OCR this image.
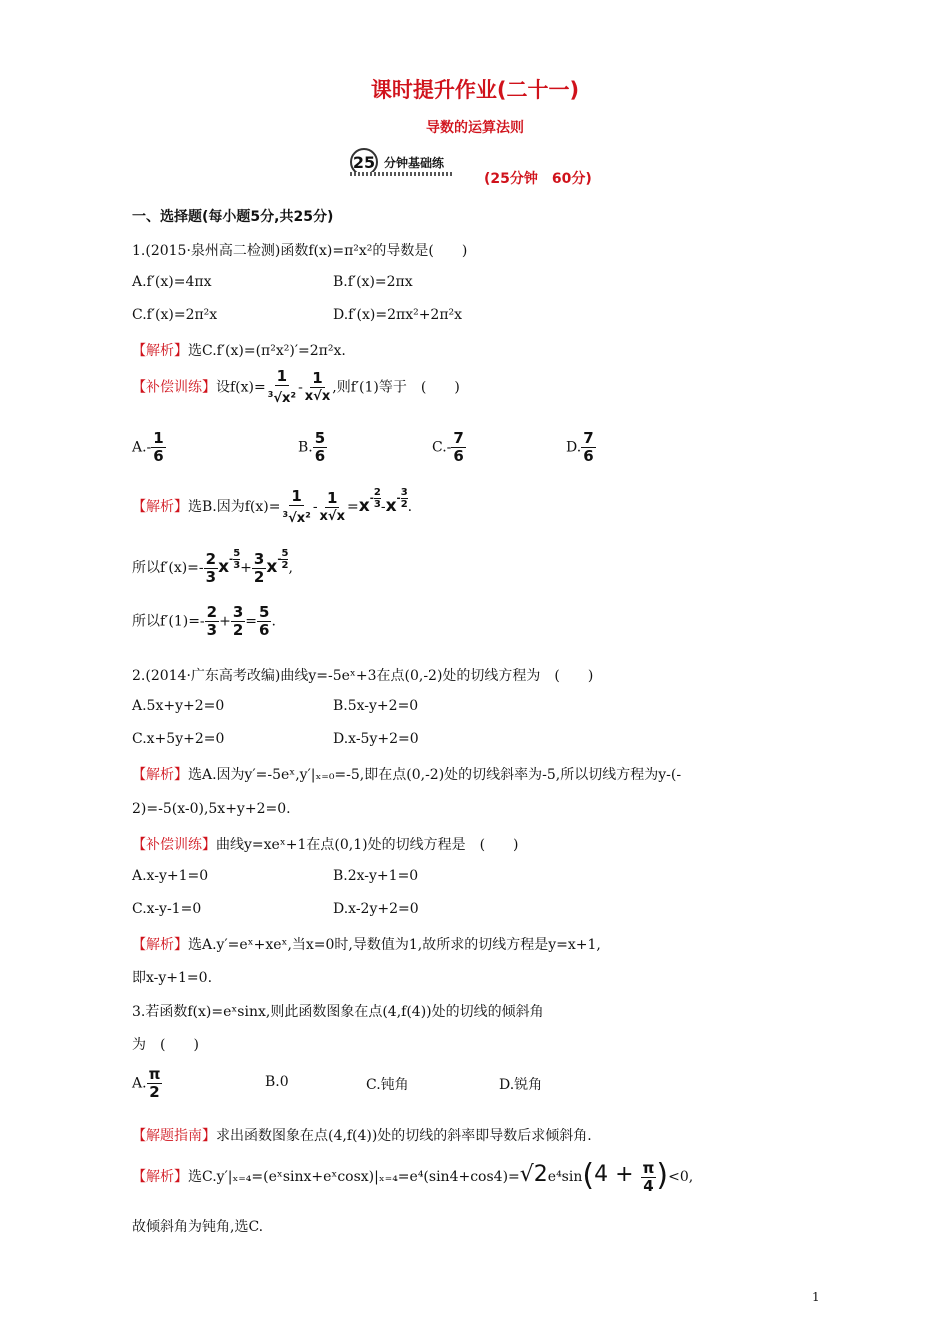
课时提升作业(二十一)
导数的运算法则
25 分钟基础练
(25分钟　60分)
一、选择题(每小题5分,共25分)
1.(2015·泉州高二检测)函数f(x)=π²x²的导数是(　　)
A.f′(x)=4πx	B.f′(x)=2πx
C.f′(x)=2π²x	D.f′(x)=2πx²+2π²x
【解析】选C.f′(x)=(π²x²)′=2π²x.
【补偿训练】设$f(x)= \frac{1}{^3√x^2} - \frac{1}{x√x}$ ,则f′(1)等于　(　　)
$A.- \frac{1}{6}$	B. $\frac{5}{6}$	$C.- \frac{7}{6}$	D. $\frac{7}{6}$
【解析】选B.因为$f(x)= \frac{1}{^3√x^2} - \frac{1}{x√x} =x$ -
2
3 -x -
3
2 .
所以$f'(x)=- \frac{2}{3}$ x -
5
$3 + \frac{3}{2}$ x -
5
2 ,
所以$f'(1)=- \frac{2}{3} + \frac{3}{2} = \frac{5}{6}$ .
2.(2014·广东高考改编)曲线y=-5eˣ+3在点(0,-2)处的切线方程为　(　　)
A.5x+y+2=0	B.5x-y+2=0
C.x+5y+2=0	D.x-5y+2=0
【解析】选A.因为y′=-5eˣ,y′|ₓ₌₀=-5,即在点(0,-2)处的切线斜率为-5,所以切线方程为y-(-
2)=-5(x-0),5x+y+2=0.
【补偿训练】曲线y=xeˣ+1在点(0,1)处的切线方程是　(　　)
A.x-y+1=0	B.2x-y+1=0
C.x-y-1=0	D.x-2y+2=0
【解析】选A.y′=eˣ+xeˣ,当x=0时,导数值为1,故所求的切线方程是y=x+1,
即x-y+1=0.
3.若函数f(x)=eˣsinx,则此函数图象在点(4,f(4))处的切线的倾斜角
为　(　　)
A. $\frac{\pi}{2}$	B.0	C.钝角	D.锐角
【解题指南】求出函数图象在点(4,f(4))处的切线的斜率即导数后求倾斜角.
【解析】选C.y′|ₓ₌₄=(eˣsinx+eˣcosx)|ₓ₌₄=e⁴(sin4+cos4)=√2e⁴sin(4 + $\frac{\pi}{4} )<0$,
故倾斜角为钝角,选C.
1
